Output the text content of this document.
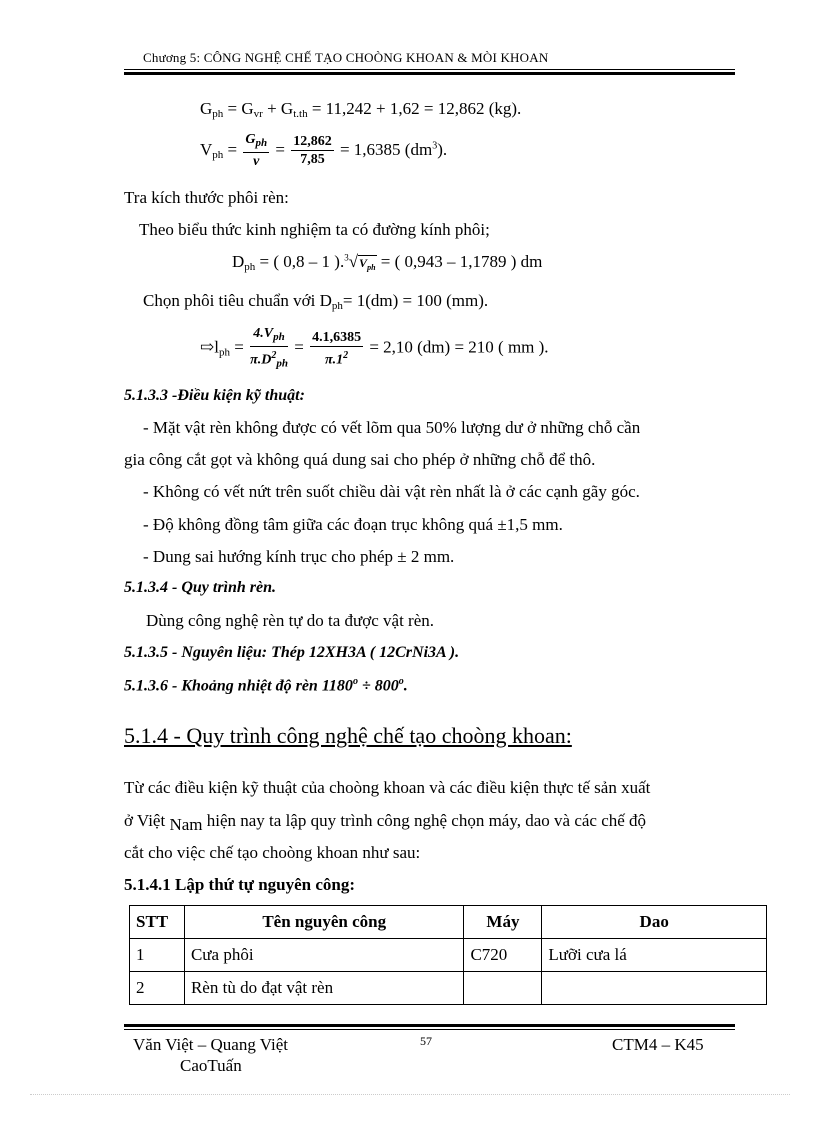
Chương 5: CÔNG NGHỆ CHẾ TẠO CHOÒNG KHOAN & MÒI KHOAN
$G_{ph} = G_{vr} + G_{t.th} = 11,242 + 1,62 = 12,862$ (kg).
$V_{ph} = \frac{G_{ph}}{\nu} = \frac{12,862}{7,85} = 1,6385$ $(dm^3)$.
Tra kích thước phôi rèn:
Theo biểu thức kinh nghiệm ta có đường kính phôi;
$D_{ph}$ = ( 0,8 – 1 )$.^3√V_{ph}$ = ( 0,943 – 1,1789 ) dm
Chọn phôi tiêu chuẩn với $D_{ph}= 1(dm) = 100$ (mm).
$⇨l_{ph} = \frac{4.V_{ph}}{\pi.D^2_{ph}} = \frac{4.1,6385}{\pi.1^2} = 2,10$ (dm) = 210 ( mm ).
5.1.3.3 -Điều kiện kỹ thuật:
- Mặt vật rèn không được có vết lõm qua 50% lượng dư ở những chỗ cần
gia công cắt gọt và không quá dung sai cho phép ở những chỗ để thô.
- Không có vết nứt trên suốt chiều dài vật rèn nhất là ở các cạnh gãy góc.
- Độ không đồng tâm giữa các đoạn trục không quá ±1,5 mm.
- Dung sai hướng kính trục cho phép ± 2 mm.
5.1.3.4 - Quy trình rèn.
Dùng công nghệ rèn tự do ta được vật rèn.
5.1.3.5 - Nguyên liệu: Thép 12XH3A ( 12CrNi3A ).
5.1.3.6 - Khoảng nhiệt độ rèn $1180^o \div 800^o$.
5.1.4 - Quy trình công nghệ chế tạo choòng khoan:
Từ các điều kiện kỹ thuật của choòng khoan và các điều kiện thực tế sản xuất
ở Việt Nam hiện nay ta lập quy trình công nghệ chọn máy, dao và các chế độ
cắt cho việc chế tạo choòng khoan như sau:
5.1.4.1 Lập thứ tự nguyên công:
STT	Tên nguyên công	Máy	Dao
1	Cưa phôi	C720	Lưỡi cưa lá
2	Rèn tù do đạt vật rèn		
Văn Việt – Quang Việt
CaoTuấn
57	CTM4 – K45
